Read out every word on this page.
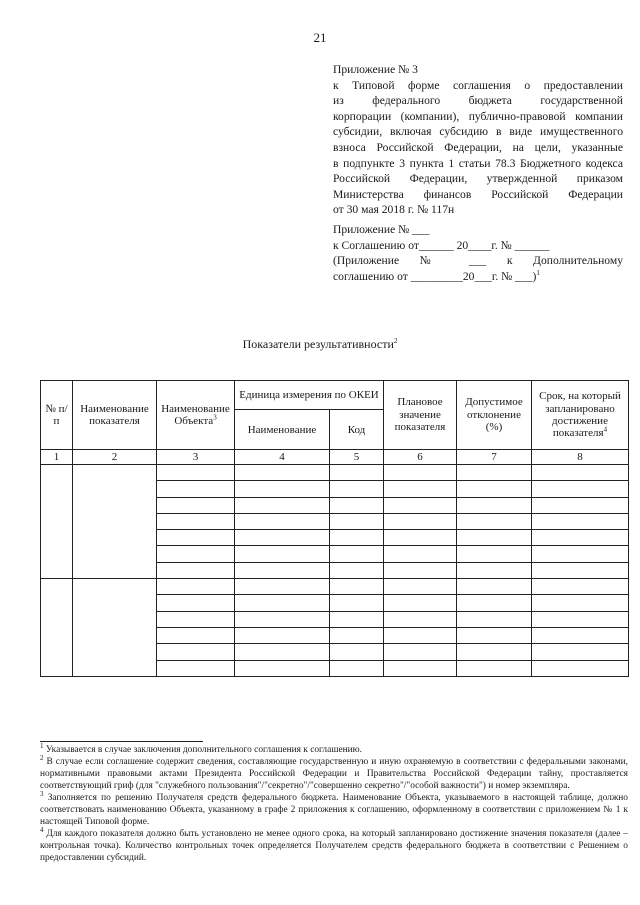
21
Приложение № 3
к Типовой форме соглашения о предоставлении
из федерального бюджета государственной
корпорации (компании), публично-правовой компании
субсидии, включая субсидию в виде имущественного
взноса Российской Федерации, на цели, указанные
в подпункте 3 пункта 1 статьи 78.3 Бюджетного кодекса
Российской Федерации, утвержденной приказом
Министерства финансов Российской Федерации
от 30 мая 2018 г. № 117н
Приложение № ___
к Соглашению от______ 20____г. № ______
(Приложение № ___ к Дополнительному
соглашению от _________20___г. № ___)$^1$
Показатели результативности$^2$
№ п/п	Наименование показателя	Наименование Объекта$^3$	Единица измерения по ОКЕИ		Плановое значение показателя	Допустимое отклонение (%)	Срок, на который запланировано достижение показателя$^4$
			Наименование	Код			
1	2	3	4	5	6	7	8

$^1$ Указывается в случае заключения дополнительного соглашения к соглашению.

$^2$ В случае если соглашение содержит сведения, составляющие государственную и иную охраняемую в соответствии с федеральными законами, нормативными правовыми актами Президента Российской Федерации и Правительства Российской Федерации тайну, проставляется соответствующий гриф (для "служебного пользования"/"секретно"/"совершенно секретно"/"особой важности") и номер экземпляра.

$^3$ Заполняется по решению Получателя средств федерального бюджета. Наименование Объекта, указываемого в настоящей таблице, должно соответствовать наименованию Объекта, указанному в графе 2 приложения к соглашению, оформленному в соответствии с приложением № 1 к настоящей Типовой форме.

$^4$ Для каждого показателя должно быть установлено не менее одного срока, на который запланировано достижение значения показателя (далее – контрольная точка). Количество контрольных точек определяется Получателем средств федерального бюджета в соответствии с Решением о предоставлении субсидий.
